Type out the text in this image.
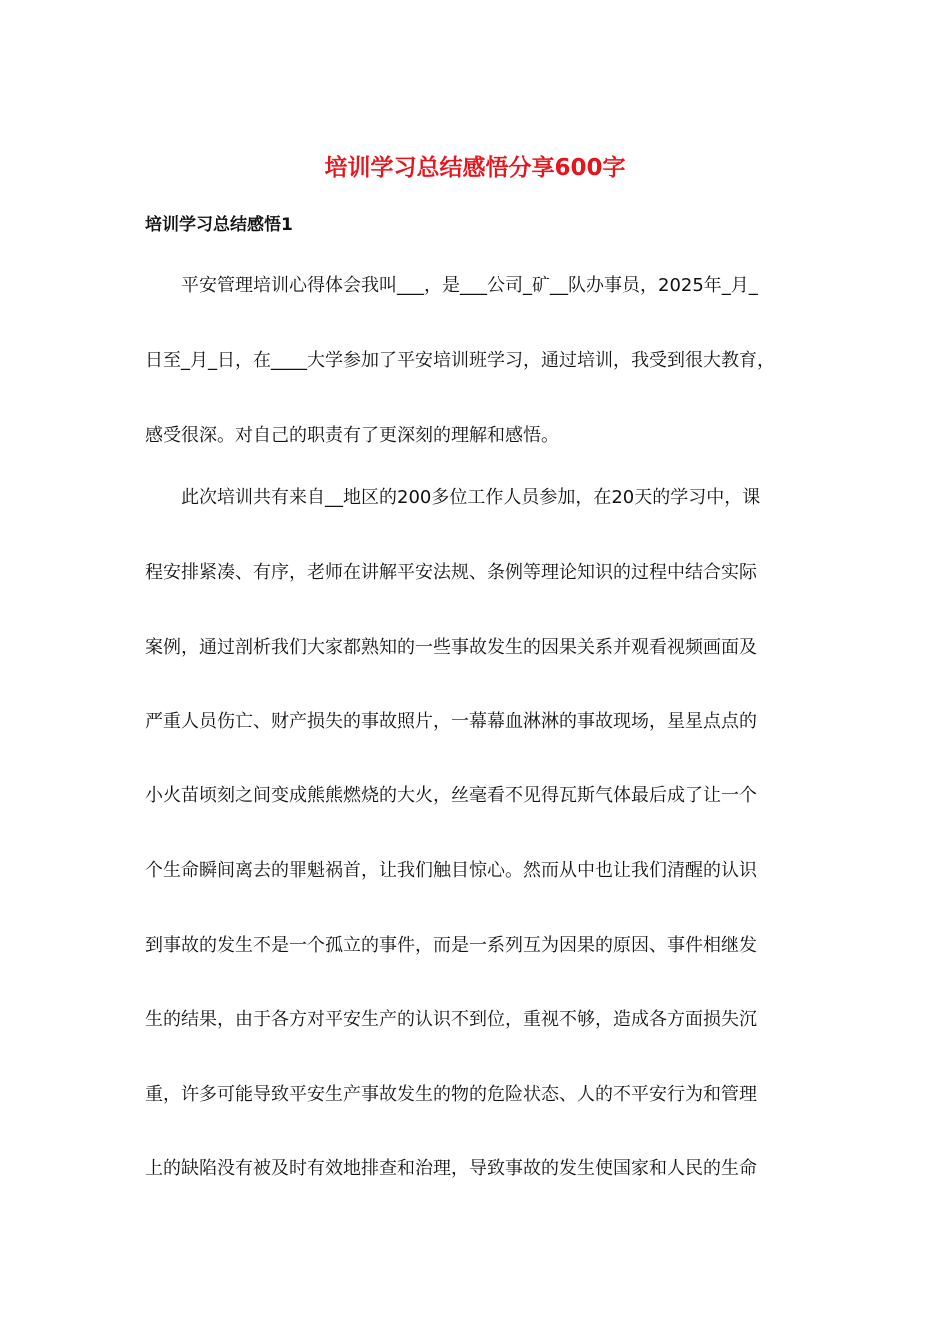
培训学习总结感悟分享600字
培训学习总结感悟1

平安管理培训心得体会我叫___，是___公司_矿__队办事员，2025年_月_

日至_月_日，在____大学参加了平安培训班学习，通过培训，我受到很大教育，

感受很深。对自己的职责有了更深刻的理解和感悟。

此次培训共有来自__地区的200多位工作人员参加，在20天的学习中，课

程安排紧凑、有序，老师在讲解平安法规、条例等理论知识的过程中结合实际

案例，通过剖析我们大家都熟知的一些事故发生的因果关系并观看视频画面及

严重人员伤亡、财产损失的事故照片，一幕幕血淋淋的事故现场，星星点点的

小火苗顷刻之间变成熊熊燃烧的大火，丝毫看不见得瓦斯气体最后成了让一个

个生命瞬间离去的罪魁祸首，让我们触目惊心。然而从中也让我们清醒的认识

到事故的发生不是一个孤立的事件，而是一系列互为因果的原因、事件相继发

生的结果，由于各方对平安生产的认识不到位，重视不够，造成各方面损失沉

重，许多可能导致平安生产事故发生的物的危险状态、人的不平安行为和管理

上的缺陷没有被及时有效地排查和治理，导致事故的发生使国家和人民的生命
